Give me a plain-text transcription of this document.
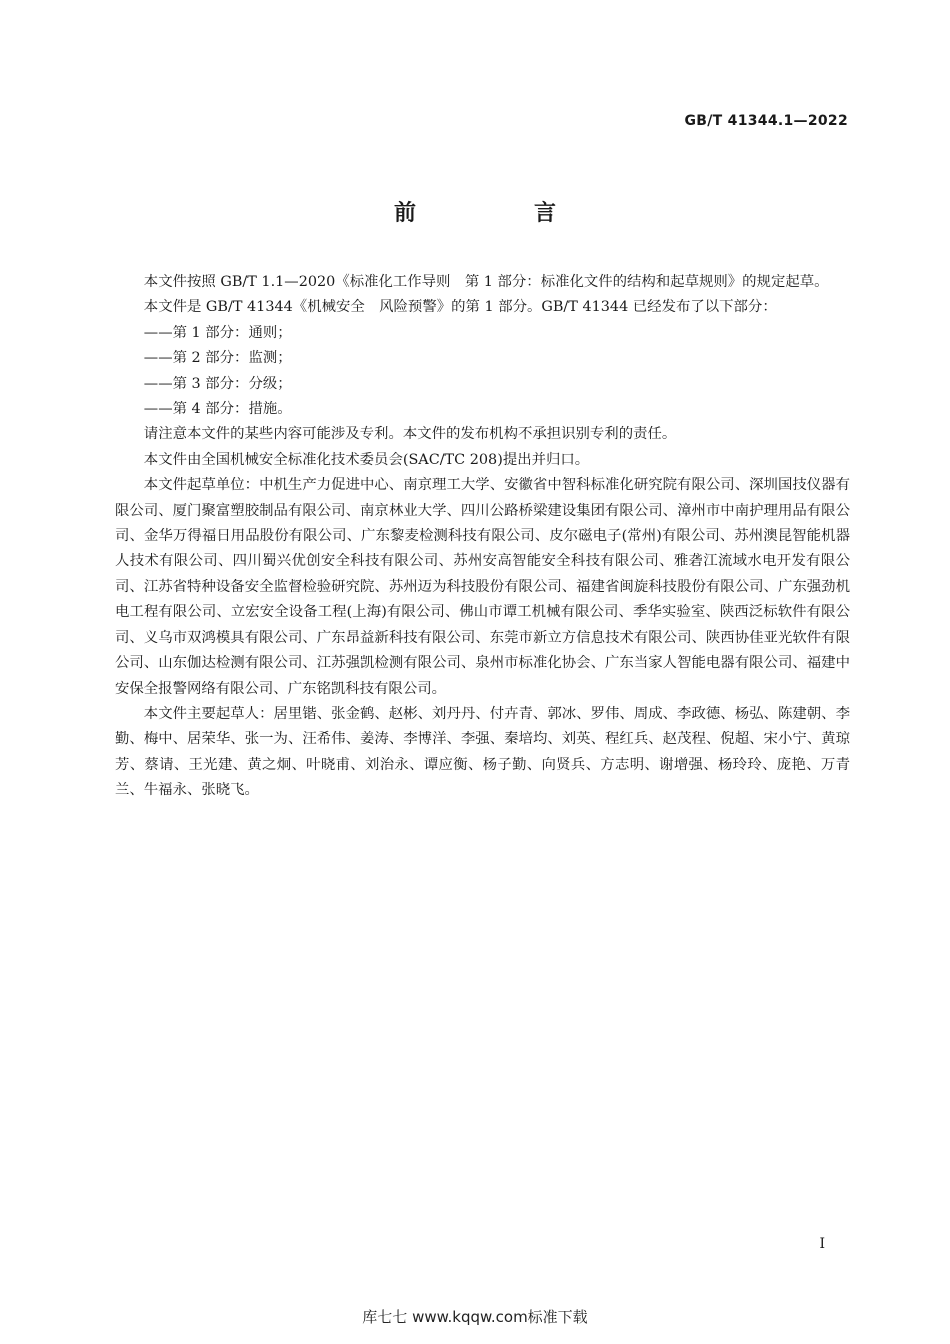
GB/T 41344.1—2022
前　言

本文件按照 GB/T 1.1—2020《标准化工作导则　第 1 部分：标准化文件的结构和起草规则》的规定起草。

本文件是 GB/T 41344《机械安全　风险预警》的第 1 部分。GB/T 41344 已经发布了以下部分：

——第 1 部分：通则；

——第 2 部分：监测；

——第 3 部分：分级；

——第 4 部分：措施。

请注意本文件的某些内容可能涉及专利。本文件的发布机构不承担识别专利的责任。

本文件由全国机械安全标准化技术委员会(SAC/TC 208)提出并归口。

本文件起草单位：中机生产力促进中心、南京理工大学、安徽省中智科标准化研究院有限公司、深圳国技仪器有限公司、厦门聚富塑胶制品有限公司、南京林业大学、四川公路桥梁建设集团有限公司、漳州市中南护理用品有限公司、金华万得福日用品股份有限公司、广东黎麦检测科技有限公司、皮尔磁电子(常州)有限公司、苏州澳昆智能机器人技术有限公司、四川蜀兴优创安全科技有限公司、苏州安高智能安全科技有限公司、雅砻江流域水电开发有限公司、江苏省特种设备安全监督检验研究院、苏州迈为科技股份有限公司、福建省闽旋科技股份有限公司、广东强劲机电工程有限公司、立宏安全设备工程(上海)有限公司、佛山市谭工机械有限公司、季华实验室、陕西泛标软件有限公司、义乌市双鸿模具有限公司、广东昂益新科技有限公司、东莞市新立方信息技术有限公司、陕西协佳亚光软件有限公司、山东伽达检测有限公司、江苏强凯检测有限公司、泉州市标准化协会、广东当家人智能电器有限公司、福建中安保全报警网络有限公司、广东铭凯科技有限公司。

本文件主要起草人：居里锴、张金鹤、赵彬、刘丹丹、付卉青、郭冰、罗伟、周成、李政德、杨弘、陈建朝、李勤、梅中、居荣华、张一为、汪希伟、姜涛、李博洋、李强、秦培均、刘英、程红兵、赵茂程、倪超、宋小宁、黄琼芳、蔡请、王光建、黄之炯、叶晓甫、刘治永、谭应衡、杨子勤、向贤兵、方志明、谢增强、杨玲玲、庞艳、万青兰、牛福永、张晓飞。

I
库七七 www.kqqw.com标准下载
